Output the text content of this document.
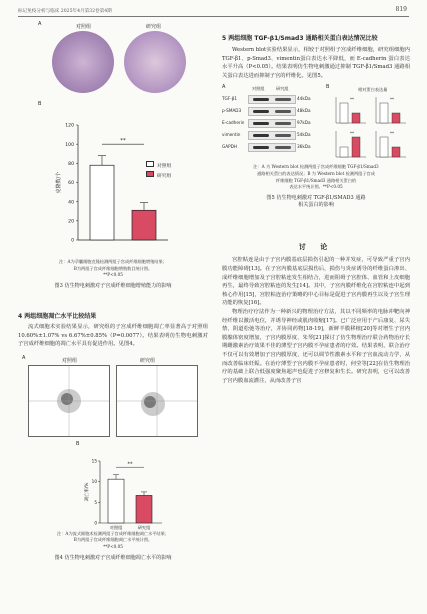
标记免疫分析与临床 2025年4月第32卷第4期	819
A	对照组	研究组
B
0
20
40
60
80
100
120
克隆数/个
**
对照组
研究组
注：A为孕囊细胞克隆检测两组子宫成纤维细胞增殖结果；
B为两组子宫成纤维细胞增殖数目统计图。
**P<0.05
图3 仿生物电刺激对子宫成纤维细胞增殖能力的影响
4 两组细胞凋亡水平比较结果

流式细胞术实验结果显示，研究组的子宫成纤维细胞凋亡率显著高于对照组 10.60%±1.07% vs 6.67%±0.85%（P=0.0077）。结果表明仿生物电刺激对子宫成纤维细胞的凋亡水平具有促进作用。见图4。

A	对照组	研究组
B
0
5
10
15
凋亡率/%
对照组	研究组
**
注：A为流式细胞术检测两组子宫成纤维细胞凋亡水平结果；
B为两组子宫成纤维细胞凋亡水平统计图。
**P<0.05
图4 仿生物电刺激对子宫成纤维细胞凋亡水平的影响
5 两组细胞 TGF-β1/Smad3 通路相关蛋白表达情况比较

Western blot实验结果显示，相较于对照组子宫成纤维细胞，研究组细胞内 TGF-β1、p-Smad3、vimentin蛋白表达水平降低，而 E-cadherin 蛋白表达水平升高（P<0.05）。结果表明仿生物电刺激通过抑制 TGF-β1/Smad3 通路相关蛋白表达进而抑制子宫的纤维化。见图5。

A	对照组	研究组
TGF-β1	44kDa
p-SMAD3	48kDa
E-cadherin	97kDa
vimentin	54kDa
GAPDH	36kDa
B	相对蛋白表达量
**	**
**	**
注：A 为 Western blot 检测两组子宫成纤维细胞 TGF-β1/Smad3
通路相关蛋白的表达情况；B 为 Western blot 检测两组子宫成
纤维细胞 TGF-β1/Smad3 通路相关蛋白的
表达水平统计图。**P<0.05
图5 仿生物电刺激对 TGF-β1/SMAD3 通路
相关蛋白的影响
讨 论

宫腔粘连是由于子宫内膜基底层损伤引起的一种并发症，可导致严重子宫内膜功能障碍[13]。在子宫内膜基底层损伤后，损伤与炎症诱导的纤维蛋白渗出、成纤维细胞增加及子宫腔粘连发生相结合，进而阻碍子宫腔体、血管和上皮细胞再生，最终导致宫腔粘连的发生[14]。其中，子宫内膜纤维化在宫腔粘连中起到核心作用[15]，宫腔粘连治疗策略的中心目标是促进子宫内膜再生以及子宫生理功能的恢复[16]。

物理治疗疗法作为一种新兴的物理治疗方法，其以不同频率的电脉冲靶向神经纤维以激活电位，并诱导神经或肌肉收缩[17]。已广泛应用于产后康复、尿失禁、阴道松弛等治疗，并协同药物[18-19]，新鲜羊膜移植[20]等对增生子宫内膜腺体密度增加，子宫内膜厚度、朱琴[21]探讨了仿生物理治疗联合药物治疗长期雌激素治疗效果不佳的薄型子宫内膜不孕症患者的疗效。结果表明，联合治疗不仅可以有效增加子宫内膜厚度，还可以调节性激素水平和子宫血流动力学，从而改善临床妊娠。在治疗薄型子宫内膜不孕症患者时，何莹等[22]在仿生物理治疗的基础上联合低强度聚焦超声也促进子宫修复和生长。研究表明，它可以改善子宫内膜血流灌注，从而改善子宫
